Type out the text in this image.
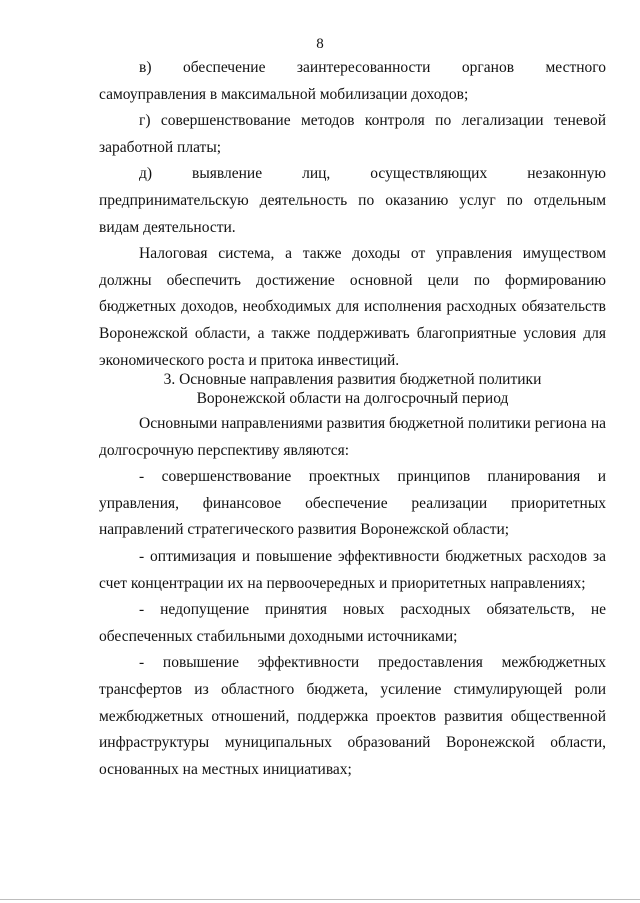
8

в) обеспечение заинтересованности органов местного самоуправления в максимальной мобилизации доходов;

г) совершенствование методов контроля по легализации теневой заработной платы;

д) выявление лиц, осуществляющих незаконную предпринимательскую деятельность по оказанию услуг по отдельным видам деятельности.

Налоговая система, а также доходы от управления имуществом должны обеспечить достижение основной цели по формированию бюджетных доходов, необходимых для исполнения расходных обязательств Воронежской области, а также поддерживать благоприятные условия для экономического роста и притока инвестиций.

3. Основные направления развития бюджетной политики
Воронежской области на долгосрочный период

Основными направлениями развития бюджетной политики региона на долгосрочную перспективу являются:

- совершенствование проектных принципов планирования и управления, финансовое обеспечение реализации приоритетных направлений стратегического развития Воронежской области;

- оптимизация и повышение эффективности бюджетных расходов за счет концентрации их на первоочередных и приоритетных направлениях;

- недопущение принятия новых расходных обязательств, не обеспеченных стабильными доходными источниками;

- повышение эффективности предоставления межбюджетных трансфертов из областного бюджета, усиление стимулирующей роли межбюджетных отношений, поддержка проектов развития общественной инфраструктуры муниципальных образований Воронежской области, основанных на местных инициативах;
